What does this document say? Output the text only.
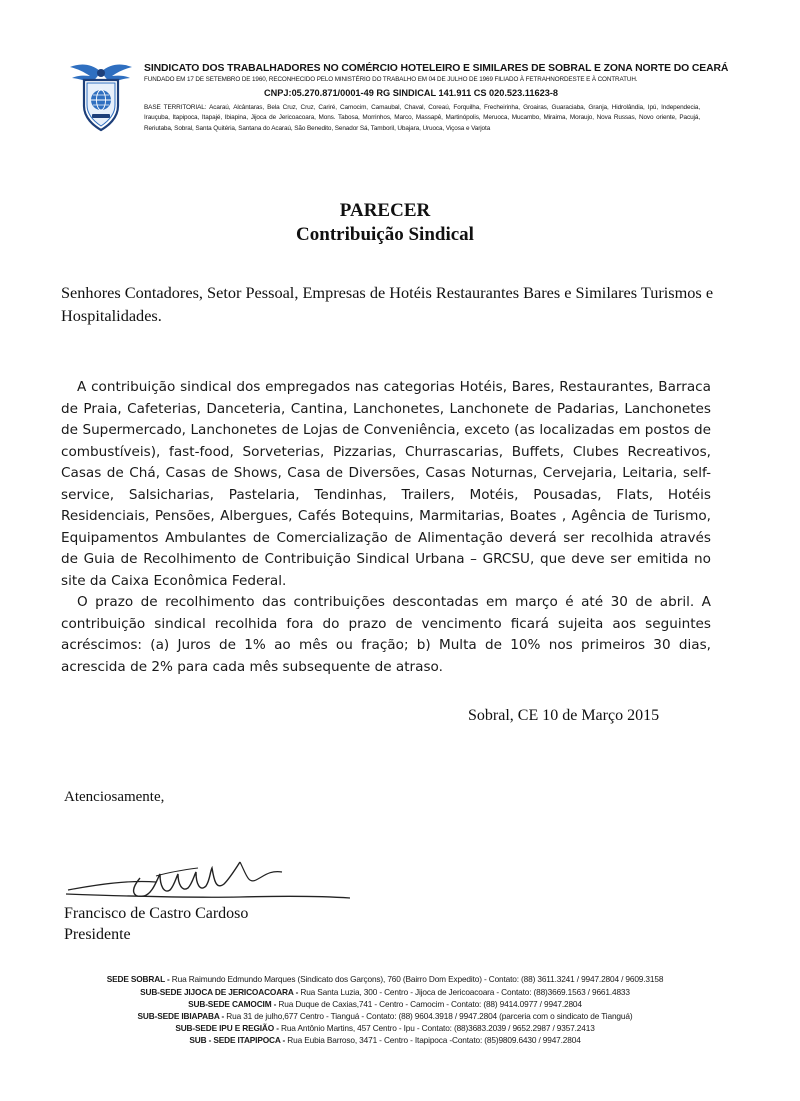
SINDICATO DOS TRABALHADORES NO COMÉRCIO HOTELEIRO E SIMILARES DE SOBRAL E ZONA NORTE DO CEARÁ
FUNDADO EM 17 DE SETEMBRO DE 1960, RECONHECIDO PELO MINISTÉRIO DO TRABALHO EM 04 DE JULHO DE 1969 FILIADO À FETRAHNORDESTE E À CONTRATUH.
CNPJ:05.270.871/0001-49 RG SINDICAL 141.911 CS 020.523.11623-8
BASE TERRITORIAL: Acaraú, Alcântaras, Bela Cruz, Cruz, Cariré, Camocim, Camaubal, Chaval, Coreaú, Forquilha, Frecheirinha, Groairas, Guaraciaba, Granja, Hidrolândia, Ipú, Independecia, Irauçuba, Itapipoca, Itapajé, Ibiapina, Jijoca de Jericoacoara, Mons. Tabosa, Morrinhos, Marco, Massapê, Martinópolis, Meruoca, Mucambo, Miraima, Moraujo, Nova Russas, Novo oriente, Pacujá, Reriutaba, Sobral, Santa Quitéria, Santana do Acaraú, São Benedito, Senador Sá, Tamboril, Ubajara, Uruoca, Viçosa e Varjota
PARECER
Contribuição Sindical
Senhores Contadores, Setor Pessoal, Empresas de Hotéis Restaurantes Bares e Similares Turismos e Hospitalidades.

A contribuição sindical dos empregados nas categorias Hotéis, Bares, Restaurantes, Barraca de Praia, Cafeterias, Danceteria, Cantina, Lanchonetes, Lanchonete de Padarias, Lanchonetes de Supermercado, Lanchonetes de Lojas de Conveniência, exceto (as localizadas em postos de combustíveis), fast-food, Sorveterias, Pizzarias, Churrascarias, Buffets, Clubes Recreativos, Casas de Chá, Casas de Shows, Casa de Diversões, Casas Noturnas, Cervejaria, Leitaria, self-service, Salsicharias, Pastelaria, Tendinhas, Trailers, Motéis, Pousadas, Flats, Hotéis Residenciais, Pensões, Albergues, Cafés Botequins, Marmitarias, Boates , Agência de Turismo, Equipamentos Ambulantes de Comercialização de Alimentação deverá ser recolhida através de Guia de Recolhimento de Contribuição Sindical Urbana – GRCSU, que deve ser emitida no site da Caixa Econômica Federal.

O prazo de recolhimento das contribuições descontadas em março é até 30 de abril. A contribuição sindical recolhida fora do prazo de vencimento ficará sujeita aos seguintes acréscimos: (a) Juros de 1% ao mês ou fração; b) Multa de 10% nos primeiros 30 dias, acrescida de 2% para cada mês subsequente de atraso.

Sobral, CE 10 de Março 2015
Atenciosamente,
Francisco de Castro Cardoso
Presidente
SEDE SOBRAL - Rua Raimundo Edmundo Marques (Sindicato dos Garçons), 760 (Bairro Dom Expedito) - Contato: (88) 3611.3241 / 9947.2804 / 9609.3158
SUB-SEDE JIJOCA DE JERICOACOARA - Rua Santa Luzia, 300 - Centro - Jijoca de Jericoacoara - Contato: (88)3669.1563 / 9661.4833
SUB-SEDE CAMOCIM - Rua Duque de Caxias,741 - Centro - Camocim - Contato: (88) 9414.0977 / 9947.2804
SUB-SEDE IBIAPABA - Rua 31 de julho,677 Centro - Tianguá - Contato: (88) 9604.3918 / 9947.2804 (parceria com o sindicato de Tianguá)
SUB-SEDE IPU E REGIÃO - Rua Antônio Martins, 457 Centro - Ipu - Contato: (88)3683.2039 / 9652.2987 / 9357.2413
SUB - SEDE ITAPIPOCA - Rua Eubia Barroso, 3471 - Centro - Itapipoca -Contato: (85)9809.6430 / 9947.2804
